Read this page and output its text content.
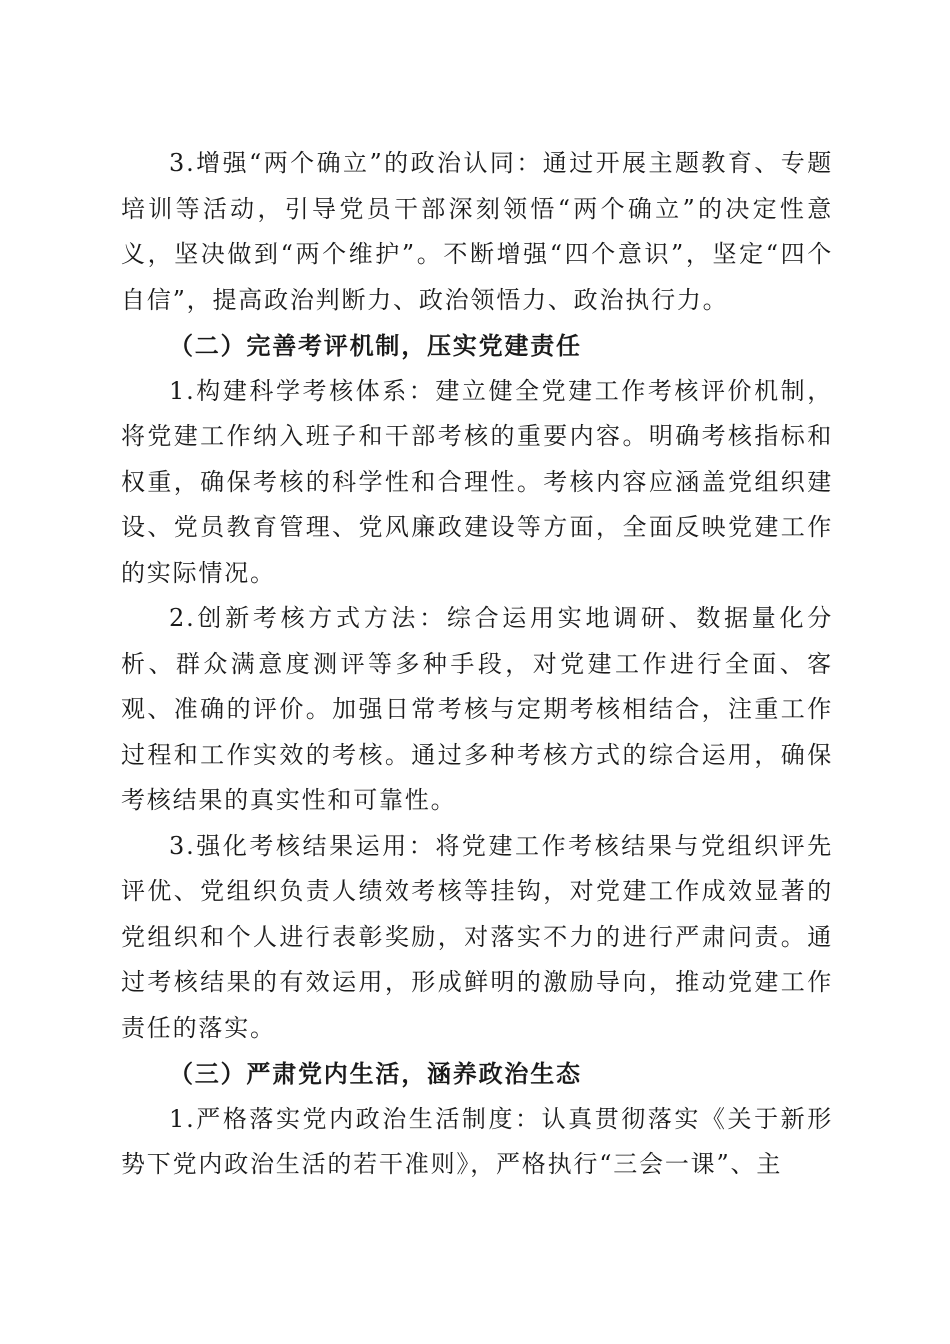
3.增强“两个确立”的政治认同：通过开展主题教育、专题培训等活动，引导党员干部深刻领悟“两个确立”的决定性意义，坚决做到“两个维护”。不断增强“四个意识”，坚定“四个自信”，提高政治判断力、政治领悟力、政治执行力。

（二）完善考评机制，压实党建责任

1.构建科学考核体系：建立健全党建工作考核评价机制，将党建工作纳入班子和干部考核的重要内容。明确考核指标和权重，确保考核的科学性和合理性。考核内容应涵盖党组织建设、党员教育管理、党风廉政建设等方面，全面反映党建工作的实际情况。

2.创新考核方式方法：综合运用实地调研、数据量化分析、群众满意度测评等多种手段，对党建工作进行全面、客观、准确的评价。加强日常考核与定期考核相结合，注重工作过程和工作实效的考核。通过多种考核方式的综合运用，确保考核结果的真实性和可靠性。

3.强化考核结果运用：将党建工作考核结果与党组织评先评优、党组织负责人绩效考核等挂钩，对党建工作成效显著的党组织和个人进行表彰奖励，对落实不力的进行严肃问责。通过考核结果的有效运用，形成鲜明的激励导向，推动党建工作责任的落实。

（三）严肃党内生活，涵养政治生态

1.严格落实党内政治生活制度：认真贯彻落实《关于新形势下党内政治生活的若干准则》，严格执行“三会一课”、主
